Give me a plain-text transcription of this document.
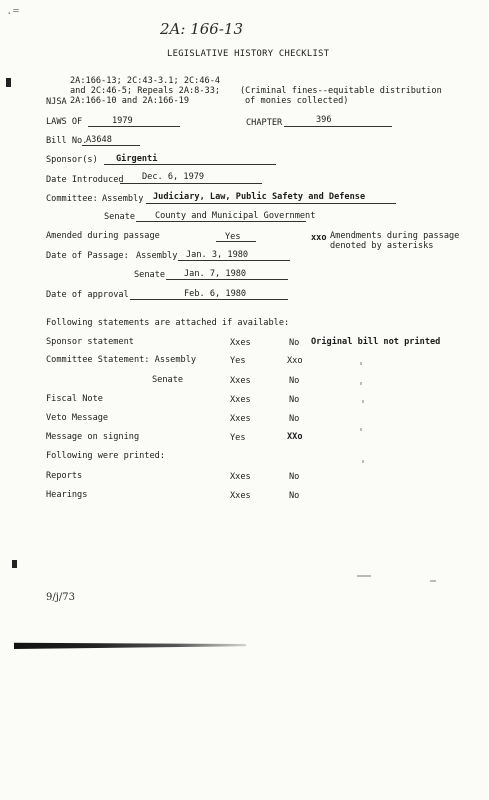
.=
2A: 166-13
LEGISLATIVE HISTORY CHECKLIST
2A:166-13; 2C:43-3.1; 2C:46-4
and 2C:46-5; Repeals 2A:8-33;
NJSA 2A:166-10 and 2A:166-19
(Criminal fines--equitable distribution
of monies collected)
LAWS OF	1979	CHAPTER	396
Bill No.
A3648
Sponsor(s) Girgenti
Date Introduced Dec. 6, 1979
Committee: Assembly Judiciary, Law, Public Safety and Defense
Senate County and Municipal Government
Amended during passage	Yes	xxo Amendments during passage
denoted by asterisks
Date of Passage: Assembly Jan. 3, 1980
Senate Jan. 7, 1980
Date of approval	Feb. 6, 1980
Following statements are attached if available:
Sponsor statement	Xxes	No Original bill not printed
Committee Statement: Assembly	Yes	Xxo
Senate	Xxes	No
Fiscal Note	Xxes	No
Veto Message	Xxes	No
Message on signing	Yes	XXo
Following were printed:
Reports	Xxes	No
Hearings	Xxes	No
9/j/73
